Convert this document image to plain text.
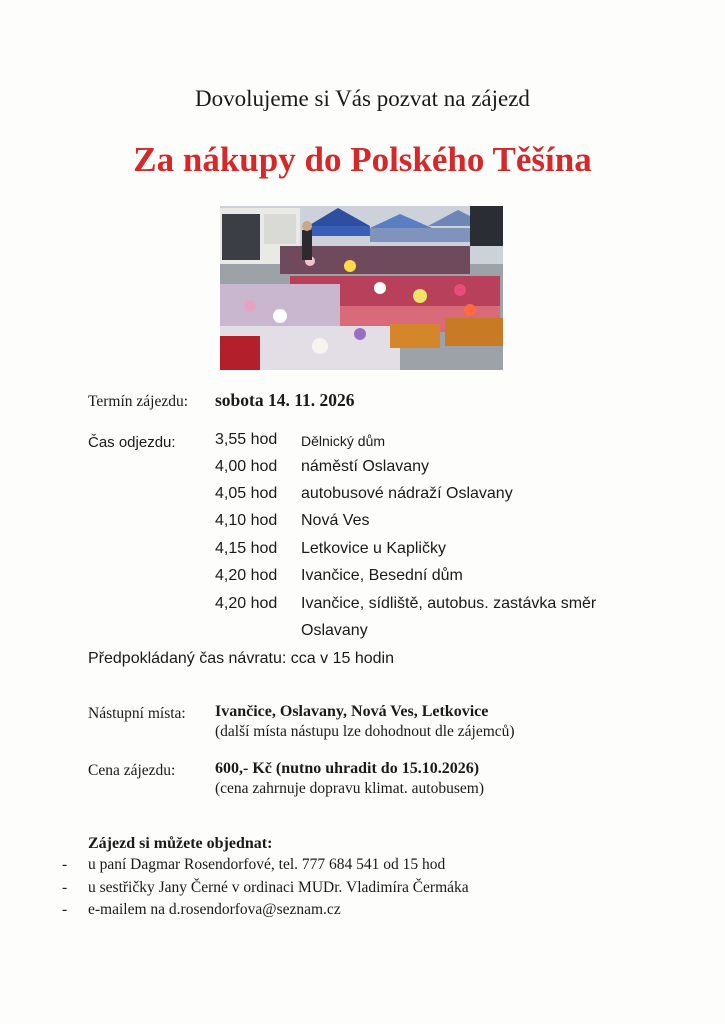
Dovolujeme si Vás pozvat na zájezd
Za nákupy do Polského Těšína
Termín zájezdu: sobota 14. 11. 2026
Čas odjezdu: 3,55 hod Dělnický dům
4,00 hod náměstí Oslavany
4,05 hod autobusové nádraží Oslavany
4,10 hod Nová Ves
4,15 hod Letkovice u Kapličky
4,20 hod Ivančice, Besední dům
4,20 hod Ivančice, sídliště, autobus. zastávka směr
Oslavany
Předpokládaný čas návratu: cca v 15 hodin
Nástupní místa: Ivančice, Oslavany, Nová Ves, Letkovice
(další místa nástupu lze dohodnout dle zájemců)
Cena zájezdu: 600,- Kč (nutno uhradit do 15.10.2026)
(cena zahrnuje dopravu klimat. autobusem)
Zájezd si můžete objednat:
- u paní Dagmar Rosendorfové, tel. 777 684 541 od 15 hod
- u sestřičky Jany Černé v ordinaci MUDr. Vladimíra Čermáka
- e-mailem na d.rosendorfova@seznam.cz
